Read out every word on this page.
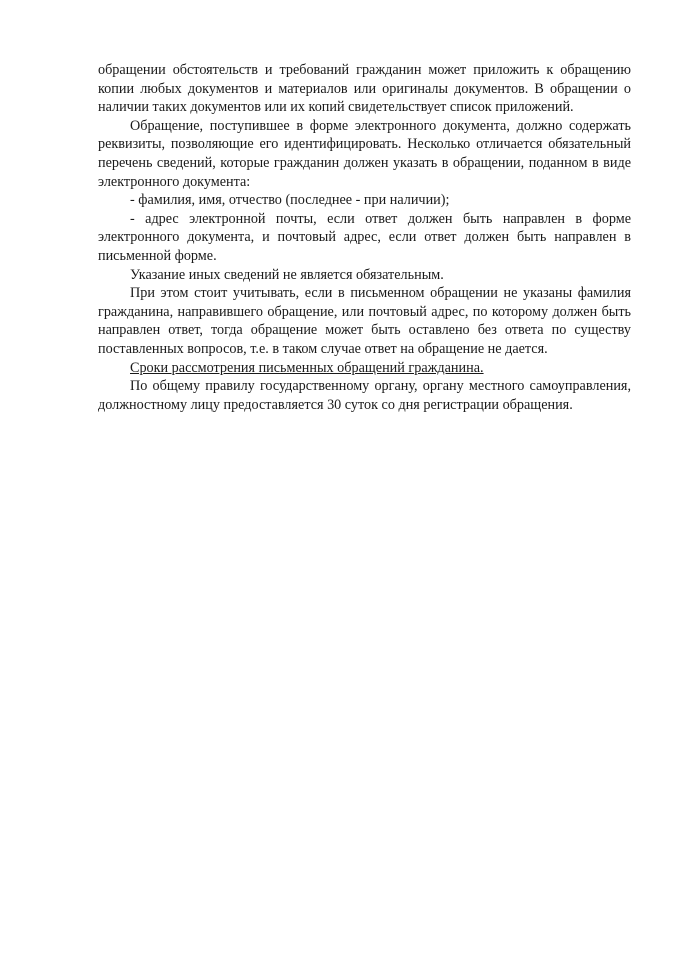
обращении обстоятельств и требований гражданин может приложить к обращению копии любых документов и материалов или оригиналы документов. В обращении о наличии таких документов или их копий свидетельствует список приложений.

Обращение, поступившее в форме электронного документа, должно содержать реквизиты, позволяющие его идентифицировать. Несколько отличается обязательный перечень сведений, которые гражданин должен указать в обращении, поданном в виде электронного документа:

- фамилия, имя, отчество (последнее - при наличии);

- адрес электронной почты, если ответ должен быть направлен в форме электронного документа, и почтовый адрес, если ответ должен быть направлен в письменной форме.

Указание иных сведений не является обязательным.

При этом стоит учитывать, если в письменном обращении не указаны фамилия гражданина, направившего обращение, или почтовый адрес, по которому должен быть направлен ответ, тогда обращение может быть оставлено без ответа по существу поставленных вопросов, т.е. в таком случае ответ на обращение не дается.

Сроки рассмотрения письменных обращений гражданина.

По общему правилу государственному органу, органу местного самоуправления, должностному лицу предоставляется 30 суток со дня регистрации обращения.
